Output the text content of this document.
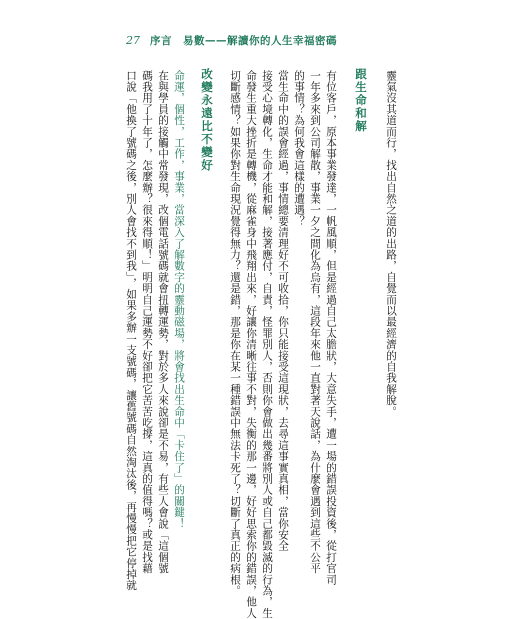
27 序言　易數——解讀你的人生幸福密碼
靈氣沒其道而行，找出自然之道的出路，自覺而以最經濟的自我解脫。
跟生命和解
有位客戶，原本事業發達，一帆風順，但是經過自己太膽狀，大意失手，遭一場的錯誤投資後，從打官司
一年多來到公司解散，事業一夕之間化為烏有，這段年來他一直對著天說話，為什麼會遇到這些不公平
的事情？為何我會這樣的遭遇？
當生命中的誤會經過，事情總要清理好不可收拾，你只能接受這現狀，去尋這事實真相，當你安全
接受心境轉化，生命才能和解，接著應付，自責，怪罪別人，否則你會做出幾番將別人或自己都毀滅的行為，生
命發生重大挫折是轉機，從麻雀身中飛翔出來，好讓你清晰往事不對，失衡的那一邊，好好思索你的錯誤，他人
切斷感情？如果你對生命現況覺得無力？還是錯，那是你在某一種錯誤中無法卡死了？切斷了真正的病根。
改變永遠比不變好
命運，個性，工作，事業，當深入了解數字的靈動磁場，將會找出生命中「卡住了」的關鍵！
在與學員的接觸中常發現，改個電話號碼就會扭轉運勢，對於多人來說卻是不易，有些人會說「這個號
碼我用了十年了，怎麼辦？很來得順！」明明自己運勢不好卻把它苦苦吃撐，這真的值得嗎？或是找藉
口說「他換了號碼之後，別人會找不到我」，如果多辦一支號碼，讓舊號碼自然淘汰後，再慢慢把它停掉就
